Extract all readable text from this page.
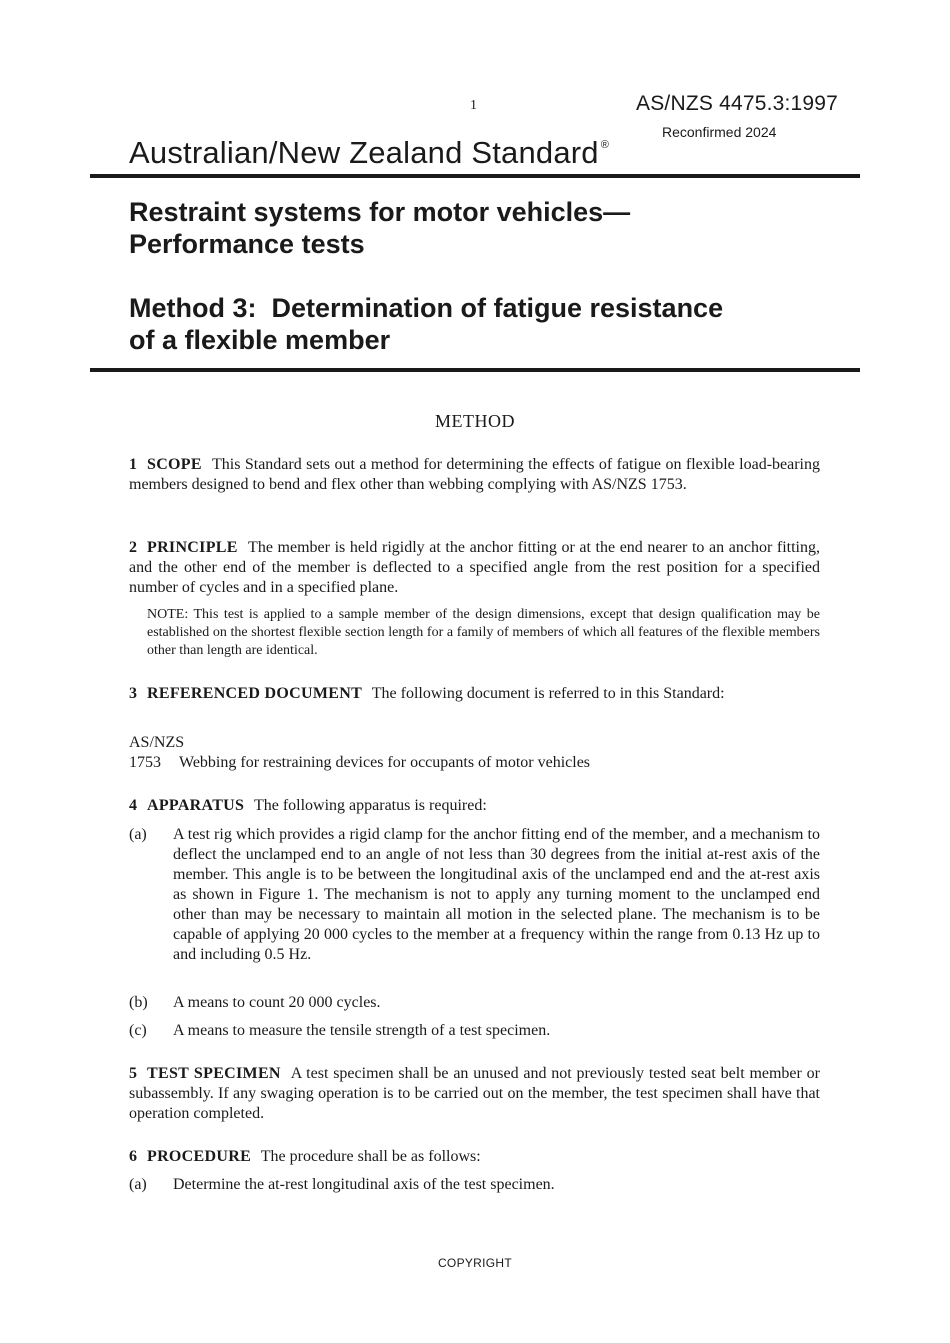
1	AS/NZS 4475.3:1997
Reconfirmed 2024
Australian/New Zealand Standard ®
Restraint systems for motor vehicles—
Performance tests
Method 3:  Determination of fatigue resistance
of a flexible member
METHOD

1 SCOPE This Standard sets out a method for determining the effects of fatigue on flexible load-bearing members designed to bend and flex other than webbing complying with AS/NZS 1753.

2 PRINCIPLE The member is held rigidly at the anchor fitting or at the end nearer to an anchor fitting, and the other end of the member is deflected to a specified angle from the rest position for a specified number of cycles and in a specified plane.

NOTE: This test is applied to a sample member of the design dimensions, except that design qualification may be established on the shortest flexible section length for a family of members of which all features of the flexible members other than length are identical.

3 REFERENCED DOCUMENT The following document is referred to in this Standard:

AS/NZS
1753 Webbing for restraining devices for occupants of motor vehicles

4 APPARATUS The following apparatus is required:

(a) A test rig which provides a rigid clamp for the anchor fitting end of the member, and a mechanism to deflect the unclamped end to an angle of not less than 30 degrees from the initial at-rest axis of the member. This angle is to be between the longitudinal axis of the unclamped end and the at-rest axis as shown in Figure 1. The mechanism is not to apply any turning moment to the unclamped end other than may be necessary to maintain all motion in the selected plane. The mechanism is to be capable of applying 20 000 cycles to the member at a frequency within the range from 0.13 Hz up to and including 0.5 Hz.
(b) A means to count 20 000 cycles.
(c) A means to measure the tensile strength of a test specimen.

5 TEST SPECIMEN A test specimen shall be an unused and not previously tested seat belt member or subassembly. If any swaging operation is to be carried out on the member, the test specimen shall have that operation completed.

6 PROCEDURE The procedure shall be as follows:

(a) Determine the at-rest longitudinal axis of the test specimen.
COPYRIGHT
